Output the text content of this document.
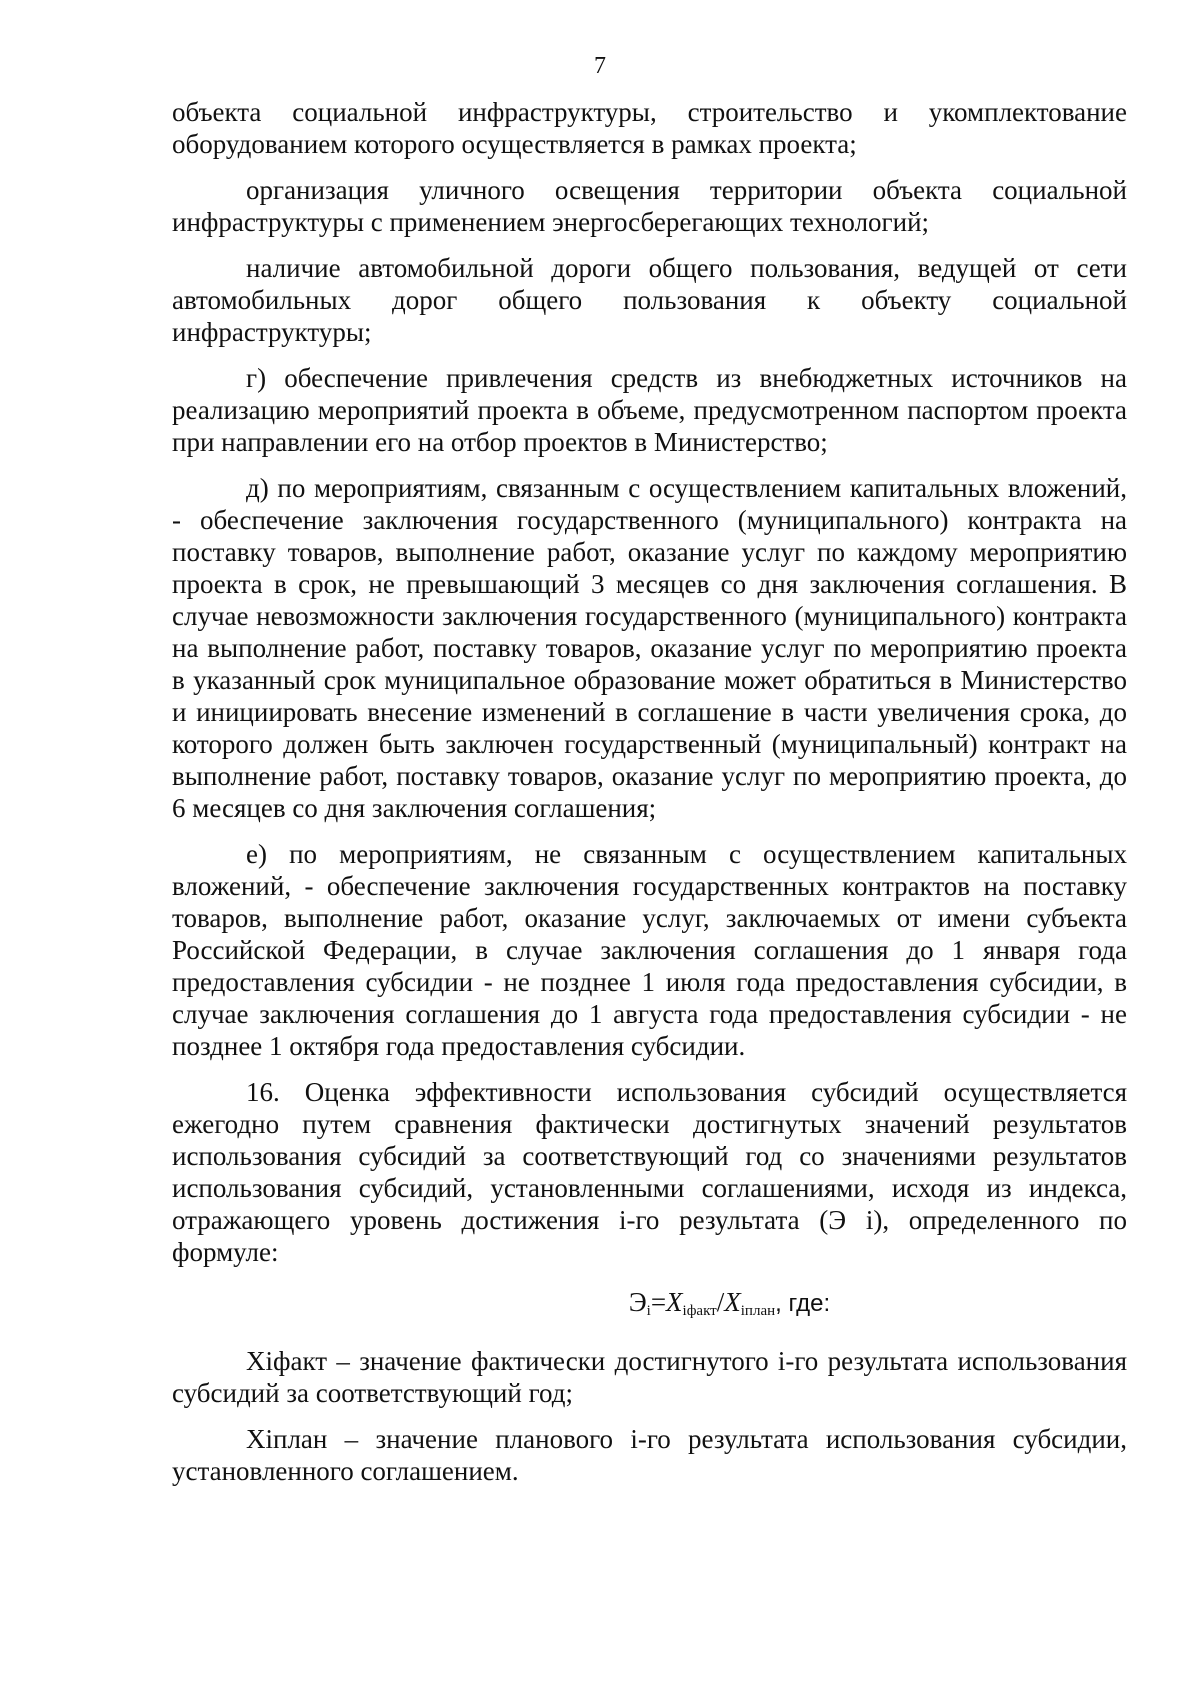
7

объекта социальной инфраструктуры, строительство и укомплектование оборудованием которого осуществляется в рамках проекта;

организация уличного освещения территории объекта социальной инфраструктуры с применением энергосберегающих технологий;

наличие автомобильной дороги общего пользования, ведущей от сети автомобильных дорог общего пользования к объекту социальной инфраструктуры;

г) обеспечение привлечения средств из внебюджетных источников на реализацию мероприятий проекта в объеме, предусмотренном паспортом проекта при направлении его на отбор проектов в Министерство;

д) по мероприятиям, связанным с осуществлением капитальных вложений, - обеспечение заключения государственного (муниципального) контракта на поставку товаров, выполнение работ, оказание услуг по каждому мероприятию проекта в срок, не превышающий 3 месяцев со дня заключения соглашения. В случае невозможности заключения государственного (муниципального) контракта на выполнение работ, поставку товаров, оказание услуг по мероприятию проекта в указанный срок муниципальное образование может обратиться в Министерство и инициировать внесение изменений в соглашение в части увеличения срока, до которого должен быть заключен государственный (муниципальный) контракт на выполнение работ, поставку товаров, оказание услуг по мероприятию проекта, до 6 месяцев со дня заключения соглашения;

е) по мероприятиям, не связанным с осуществлением капитальных вложений, - обеспечение заключения государственных контрактов на поставку товаров, выполнение работ, оказание услуг, заключаемых от имени субъекта Российской Федерации, в случае заключения соглашения до 1 января года предоставления субсидии - не позднее 1 июля года предоставления субсидии, в случае заключения соглашения до 1 августа года предоставления субсидии - не позднее 1 октября года предоставления субсидии.

16. Оценка эффективности использования субсидий осуществляется ежегодно путем сравнения фактически достигнутых значений результатов использования субсидий за соответствующий год со значениями результатов использования субсидий, установленными соглашениями, исходя из индекса, отражающего уровень достижения i-го результата (Э i), определенного по формуле:

$Э_i=X_{iфакт}/X_{iплан}$, где:

Xiфакт – значение фактически достигнутого i-го результата использования субсидий за соответствующий год;

Xiплан – значение планового i-го результата использования субсидии, установленного соглашением.
